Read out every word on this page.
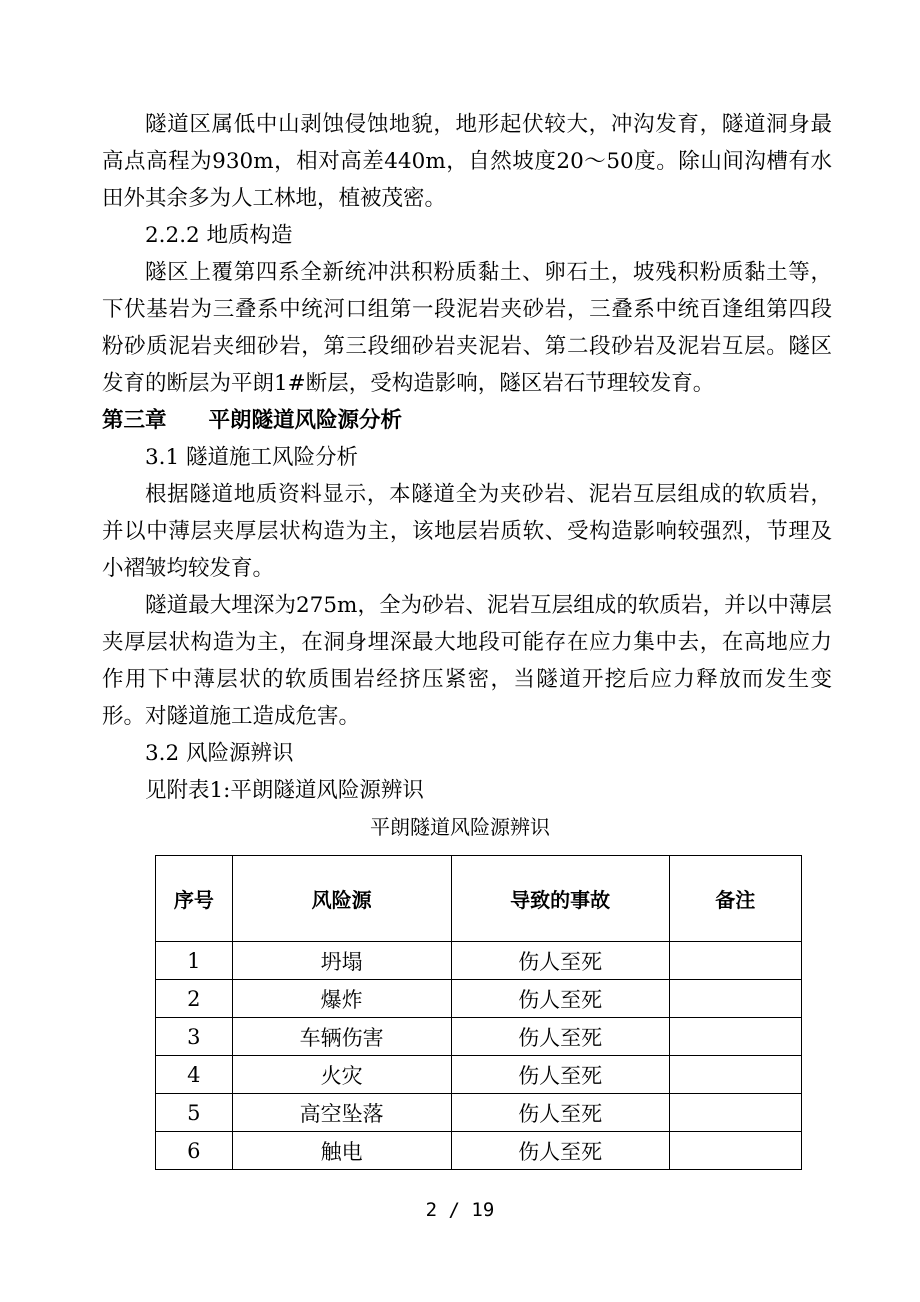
隧道区属低中山剥蚀侵蚀地貌，地形起伏较大，冲沟发育，隧道洞身最高点高程为930m，相对高差440m，自然坡度20～50度。除山间沟槽有水田外其余多为人工林地，植被茂密。

2.2.2 地质构造

隧区上覆第四系全新统冲洪积粉质黏土、卵石土，坡残积粉质黏土等，下伏基岩为三叠系中统河口组第一段泥岩夹砂岩，三叠系中统百逢组第四段粉砂质泥岩夹细砂岩，第三段细砂岩夹泥岩、第二段砂岩及泥岩互层。隧区发育的断层为平朗1#断层，受构造影响，隧区岩石节理较发育。

第三章 平朗隧道风险源分析
3.1 隧道施工风险分析

根据隧道地质资料显示，本隧道全为夹砂岩、泥岩互层组成的软质岩，并以中薄层夹厚层状构造为主，该地层岩质软、受构造影响较强烈，节理及小褶皱均较发育。

隧道最大埋深为275m，全为砂岩、泥岩互层组成的软质岩，并以中薄层夹厚层状构造为主，在洞身埋深最大地段可能存在应力集中去，在高地应力作用下中薄层状的软质围岩经挤压紧密，当隧道开挖后应力释放而发生变形。对隧道施工造成危害。

3.2 风险源辨识
见附表1:平朗隧道风险源辨识
平朗隧道风险源辨识
序号	风险源	导致的事故	备注
1	坍塌	伤人至死	
2	爆炸	伤人至死	
3	车辆伤害	伤人至死	
4	火灾	伤人至死	
5	高空坠落	伤人至死	
6	触电	伤人至死	
2 / 19
